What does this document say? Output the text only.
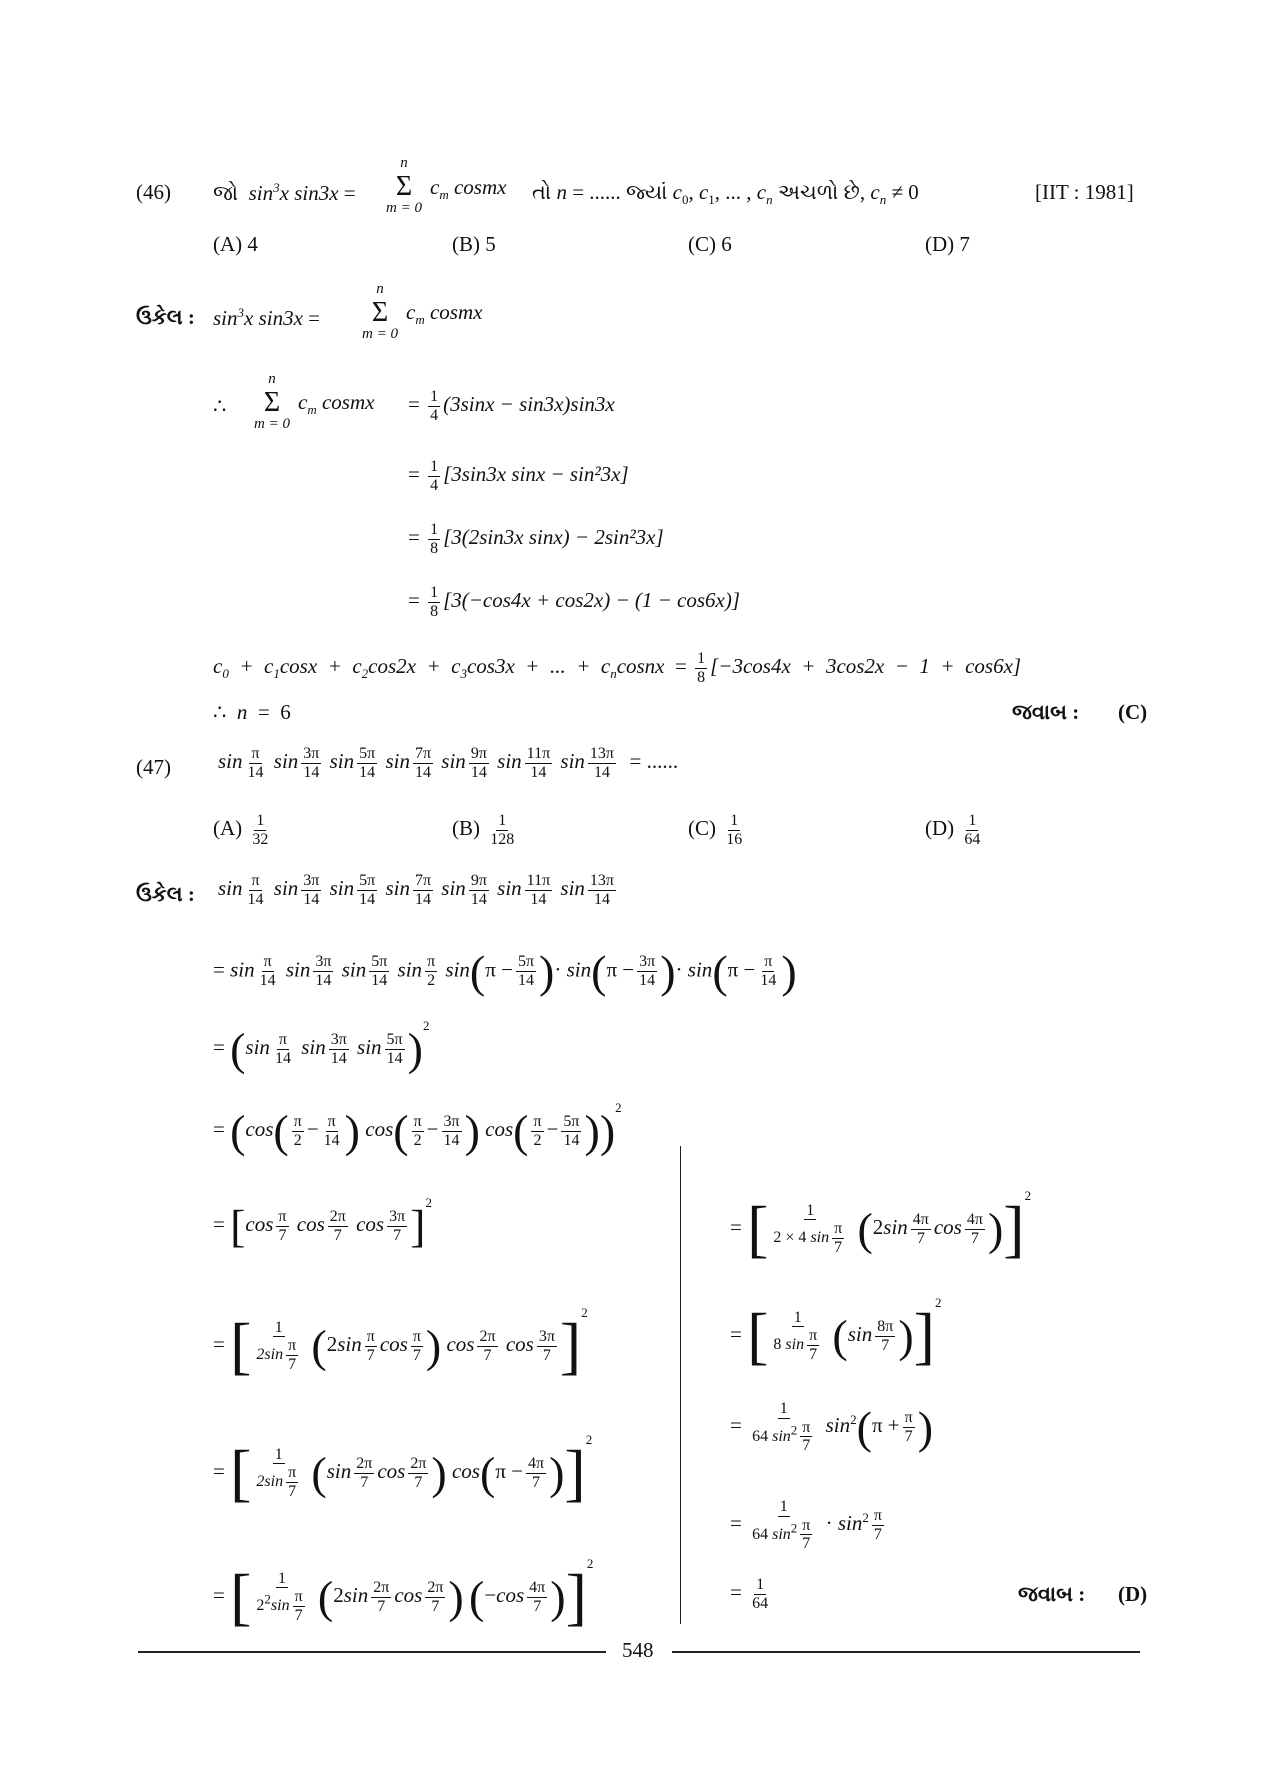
(46) જો $\sin^3x$ sin3x =
n
Σ
m = 0
$c_m$ cosmx તો n = ...... જ્યાં $c_0$, $c_1$, ... , $c_n$ અચળો છે, $c_n \ne 0$	[IIT : 1981]
(A) 4	(B) 5	(C) 6	(D) 7
ઉકેલ : $\sin^3x$ sin3x =
n
Σ
m = 0
$c_m$ cosmx
∴
n
Σ
m = 0
$c_m$ cosmx = $\frac{1}{4} (3\sin x - \sin 3x)\sin 3x$
= $\frac{1}{4} [3\sin 3x$ sinx − sin²3x]
= $\frac{1}{8} [3(2\sin 3x$ sinx) − 2sin²3x]
= $\frac{1}{8} [3(-\cos 4x + \cos 2x) - (1 - \cos 6x)]$
$c_0 + c_1\cos x + c_2\cos 2x + c_3\cos 3x$  +  ...  +  $c_ncosnx = \frac{1}{8} [-3\cos 4x + 3\cos 2x - 1 + \cos 6x]$
∴  n  =  6	જવાબ : (C)
(47) $\sin \frac{\pi}{14}$ $\sin \frac{3\pi}{14}$ $\sin \frac{5\pi}{14}$ $\sin \frac{7\pi}{14}$ $\sin \frac{9\pi}{14}$ $\sin \frac{11\pi}{14}$ $\sin \frac{13\pi}{14}$ = ......
$(A) \frac{1}{32}$	$(B) \frac{1}{128}$	$(C) \frac{1}{16}$	$(D) \frac{1}{64}$
ઉકેલ : $\sin \frac{\pi}{14}$ $\sin \frac{3\pi}{14}$ $\sin \frac{5\pi}{14}$ $\sin \frac{7\pi}{14}$ $\sin \frac{9\pi}{14}$ $\sin \frac{11\pi}{14}$ $\sin \frac{13\pi}{14}$
= $\sin \frac{\pi}{14}$ $\sin \frac{3\pi}{14}$ $\sin \frac{5\pi}{14}$ $\sin \frac{\pi}{2} \sin(\pi - \frac{5\pi}{14}$ )· $\sin(\pi - \frac{3\pi}{14}$ )· $\sin(\pi - \frac{\pi}{14}$ )
= ($\sin \frac{\pi}{14}$ $\sin \frac{3\pi}{14}$ $\sin \frac{5\pi}{14} )^2$
= ($\cos( \frac{\pi}{2} - \frac{\pi}{14}$ ) $\cos( \frac{\pi}{2} - \frac{3\pi}{14}$ ) $\cos( \frac{\pi}{2} - \frac{5\pi}{14} ))^2$
= [$\cos \frac{\pi}{7}$ $\cos \frac{2\pi}{7}$ $\cos \frac{3\pi}{7} ]^2$
= [ $\frac{1}{2\sin \frac{\pi}{7}} (2\sin \frac{\pi}{7}$ $\cos \frac{\pi}{7}$ ) $\cos \frac{2\pi}{7}$ $\cos \frac{3\pi}{7} ]^2$
= [ $\frac{1}{2\sin \frac{\pi}{7}} (\sin \frac{2\pi}{7}$ $\cos \frac{2\pi}{7}$ ) $\cos(\pi - \frac{4\pi}{7} )]^2$
= [ $\frac{1}{2^2\sin \frac{\pi}{7}} (2\sin \frac{2\pi}{7}$ $\cos \frac{2\pi}{7}$ ) $(-\cos \frac{4\pi}{7} )]^2$
= [ $\frac{1}{2 \times 4 \sin \frac{\pi}{7}} (2\sin \frac{4\pi}{7}$ $\cos \frac{4\pi}{7} )]^2$
= [ $\frac{1}{8 \sin \frac{\pi}{7}} (\sin \frac{8\pi}{7} )]^2$
= $\frac{1}{64 \sin^2 \frac{\pi}{7}} \sin^2(\pi + \frac{\pi}{7}$ )
= $\frac{1}{64 \sin^2 \frac{\pi}{7}} \cdot \sin^2 \frac{\pi}{7}$
= $\frac{1}{64}$	જવાબ : (D)
548
